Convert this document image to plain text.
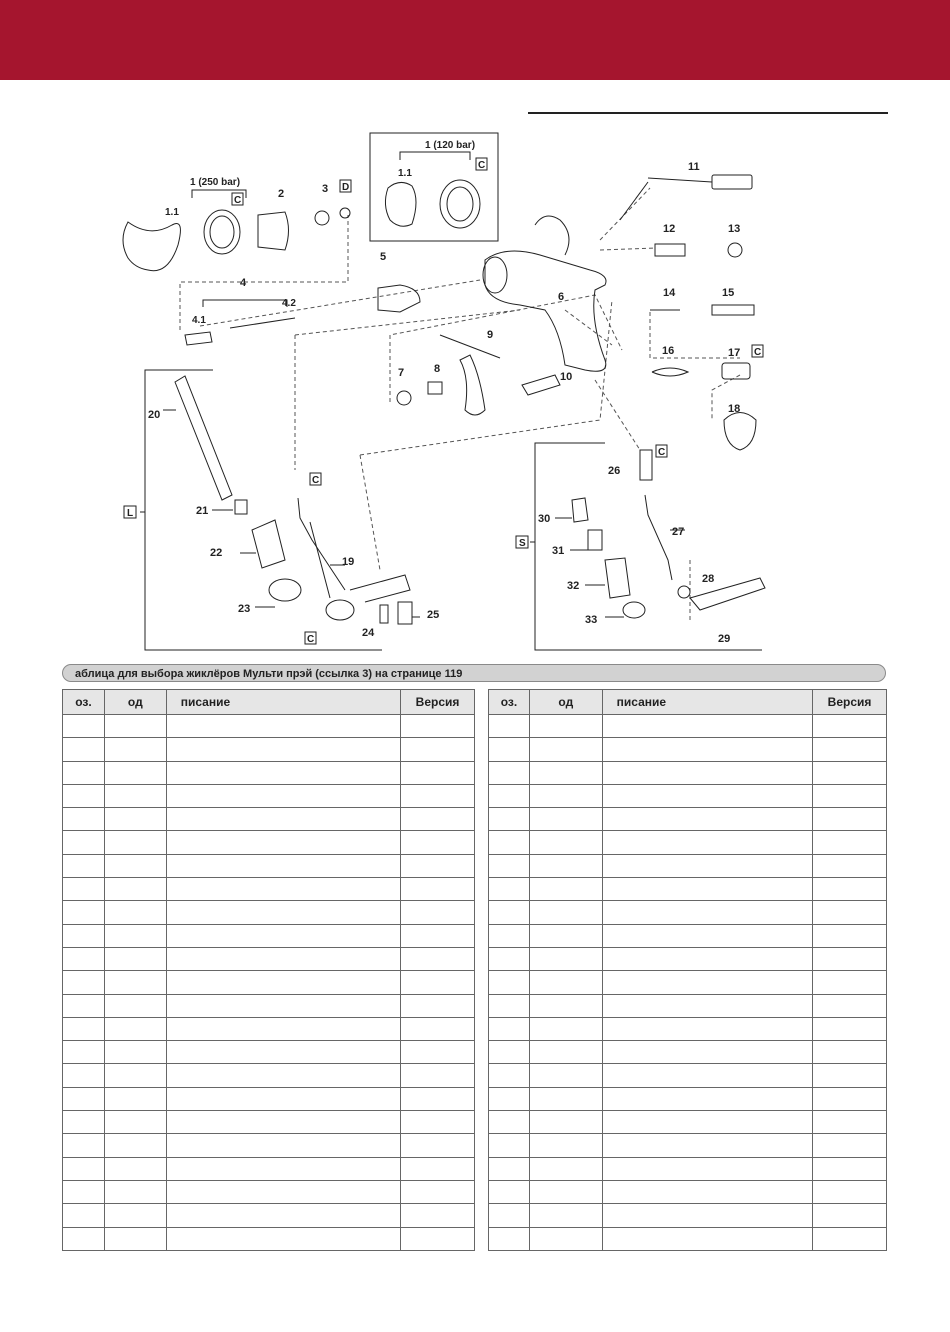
1 (250 bar)
1.1
2	3
1 (120 bar)
1.1
4
4.1
4.2
5
6
7	8
9
10
11
12	13
14	15
16	17
18
19
20
21
22
23
24
25
26
27
28
29
30
31
32
33
C
D
C
C
C
C
C
L
S
аблица для выбора жиклёров Мульти прэй (ссылка 3) на странице 119
оз.	од	писание	Версия

				оз.	од	писание	Версия
